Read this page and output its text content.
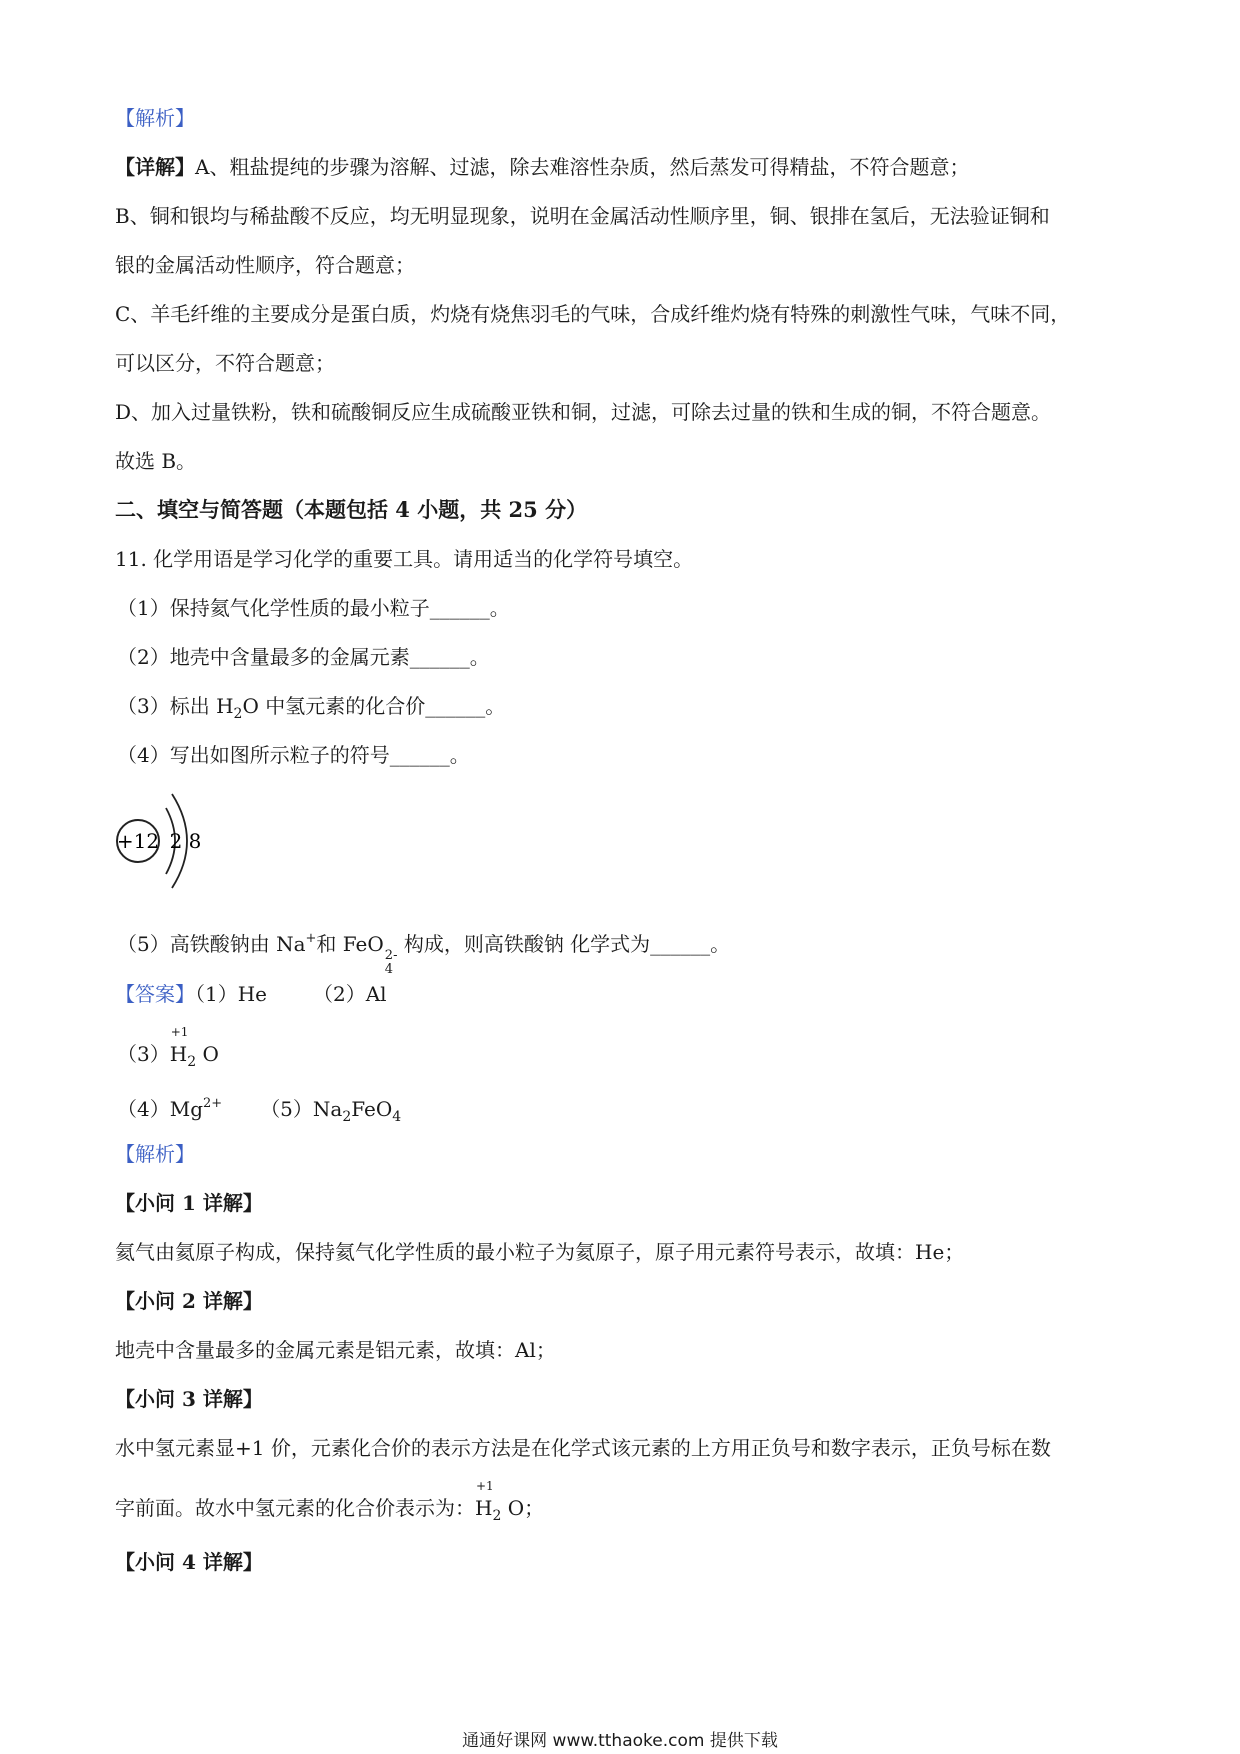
【解析】
【详解】A、粗盐提纯的步骤为溶解、过滤，除去难溶性杂质，然后蒸发可得精盐，不符合题意；
B、铜和银均与稀盐酸不反应，均无明显现象，说明在金属活动性顺序里，铜、银排在氢后，无法验证铜和
银的金属活动性顺序，符合题意；
C、羊毛纤维的主要成分是蛋白质，灼烧有烧焦羽毛的气味，合成纤维灼烧有特殊的刺激性气味，气味不同，
可以区分，不符合题意；
D、加入过量铁粉，铁和硫酸铜反应生成硫酸亚铁和铜，过滤，可除去过量的铁和生成的铜，不符合题意。
故选 B。
二、填空与简答题（本题包括 4 小题，共 25 分）
11. 化学用语是学习化学的重要工具。请用适当的化学符号填空。
（1）保持氦气化学性质的最小粒子______。
（2）地壳中含量最多的金属元素______。
（3）标出 $H_2O$ 中氢元素的化合价______。
（4）写出如图所示粒子的符号______。
+12 2 8
（5）高铁酸钠由 Na+和 FeO 2-
4
构成，则高铁酸钠 化学式为______。
【答案】（1）He （2）Al
（3）
+1
$H_2$ O
$(4)Mg^{2+}$ $(5)Na_2FeO_4$
【解析】
【小问 1 详解】
氦气由氦原子构成，保持氦气化学性质的最小粒子为氦原子，原子用元素符号表示，故填：He；
【小问 2 详解】
地壳中含量最多的金属元素是铝元素，故填：Al；
【小问 3 详解】
水中氢元素显+1 价，元素化合价的表示方法是在化学式该元素的上方用正负号和数字表示，正负号标在数
字前面。故水中氢元素的化合价表示为：
+1
$H_2$ O；
【小问 4 详解】
通通好课网 www.tthaoke.com 提供下载
